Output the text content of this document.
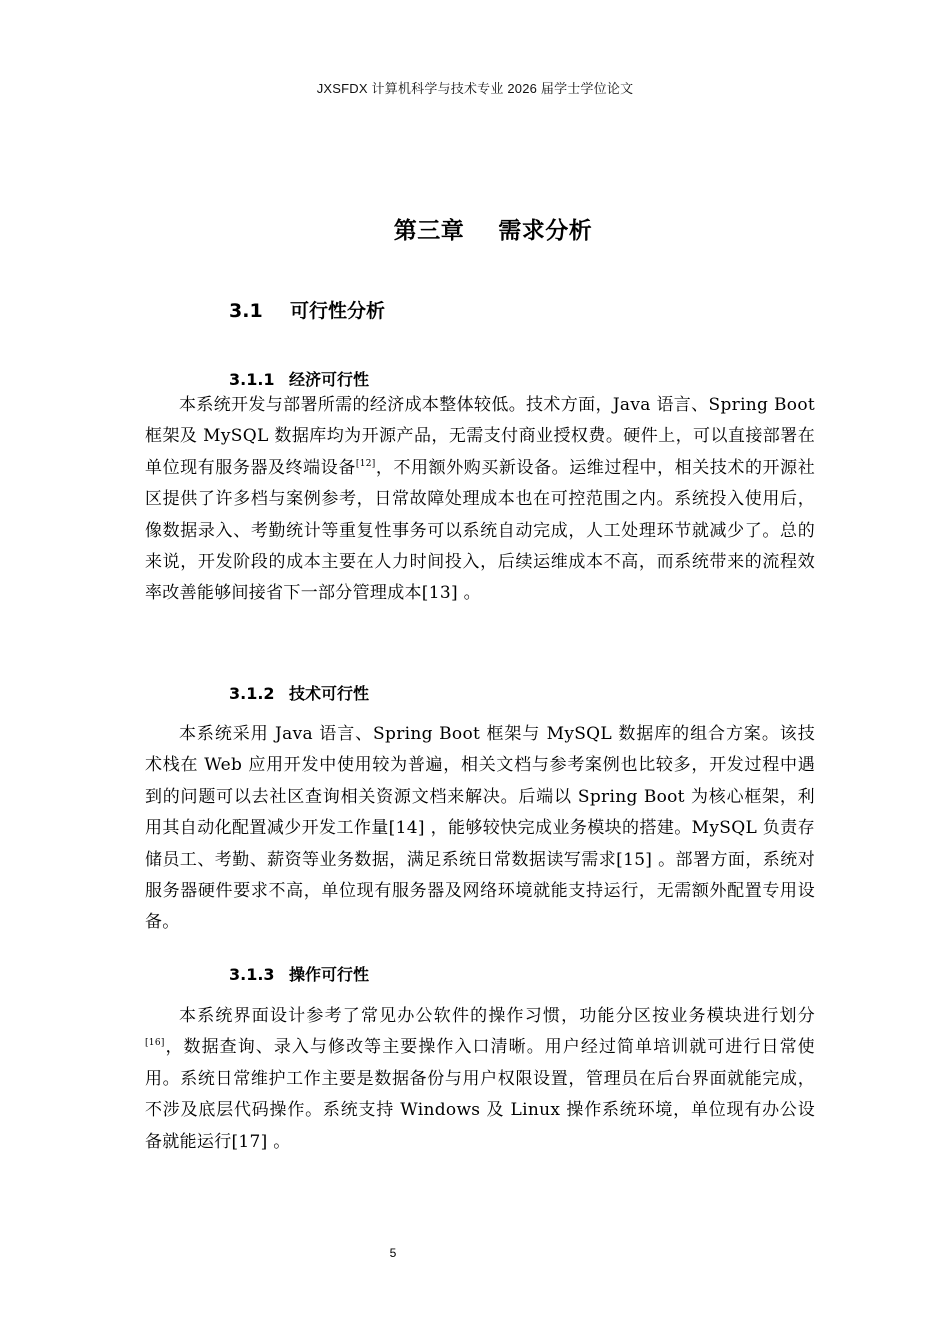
JXSFDX 计算机科学与技术专业 2026 届学士学位论文
第三章 需求分析
3.1 可行性分析
3.1.1 经济可行性

本系统开发与部署所需的经济成本整体较低。技术方面，Java 语言、Spring Boot 框架及 MySQL 数据库均为开源产品，无需支付商业授权费。硬件上，可以直接部署在单位现有服务器及终端设备[12]，不用额外购买新设备。运维过程中，相关技术的开源社区提供了许多档与案例参考，日常故障处理成本也在可控范围之内。系统投入使用后，像数据录入、考勤统计等重复性事务可以系统自动完成，人工处理环节就减少了。总的来说，开发阶段的成本主要在人力时间投入，后续运维成本不高，而系统带来的流程效率改善能够间接省下一部分管理成本[13] 。

3.1.2 技术可行性

本系统采用 Java 语言、Spring Boot 框架与 MySQL 数据库的组合方案。该技术栈在 Web 应用开发中使用较为普遍，相关文档与参考案例也比较多，开发过程中遇到的问题可以去社区查询相关资源文档来解决。后端以 Spring Boot 为核心框架，利用其自动化配置减少开发工作量[14] ，能够较快完成业务模块的搭建。MySQL 负责存储员工、考勤、薪资等业务数据，满足系统日常数据读写需求[15] 。部署方面，系统对服务器硬件要求不高，单位现有服务器及网络环境就能支持运行，无需额外配置专用设备。

3.1.3 操作可行性

本系统界面设计参考了常见办公软件的操作习惯，功能分区按业务模块进行划分[16]，数据查询、录入与修改等主要操作入口清晰。用户经过简单培训就可进行日常使用。系统日常维护工作主要是数据备份与用户权限设置，管理员在后台界面就能完成，不涉及底层代码操作。系统支持 Windows 及 Linux 操作系统环境，单位现有办公设备就能运行[17] 。

5
